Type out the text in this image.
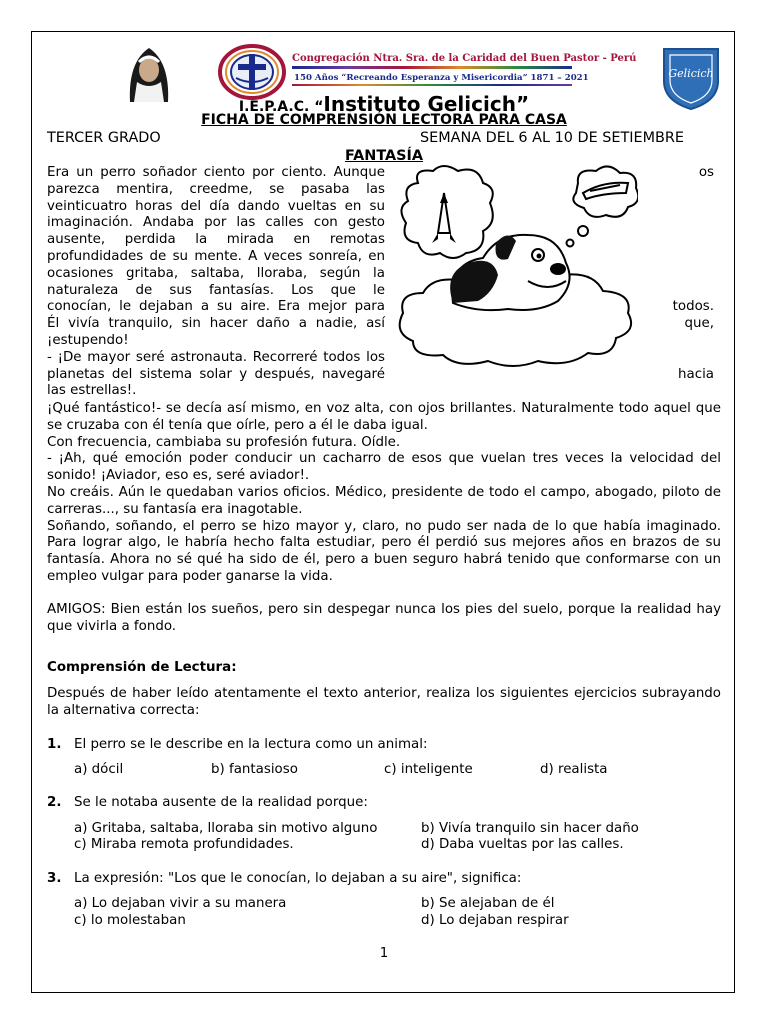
Congregación Ntra. Sra. de la Caridad del Buen Pastor - Perú
150 Años “Recreando Esperanza y Misericordia” 1871 – 2021	Gelicich
I.E.P.A.C. “Instituto Gelicich”
FICHA DE COMPRENSIÓN LECTORA PARA CASA
TERCER GRADO	SEMANA DEL 6 AL 10 DE SETIEMBRE
FANTASÍA
Era un perro soñador ciento por ciento. Aunque
parezca mentira, creedme, se pasaba las
veinticuatro horas del día dando vueltas en su
imaginación. Andaba por las calles con gesto
ausente, perdida la mirada en remotas
profundidades de su mente. A veces sonreía, en
ocasiones gritaba, saltaba, lloraba, según la
naturaleza de sus fantasías. Los que le
conocían, le dejaban a su aire. Era mejor para
Él vivía tranquilo, sin hacer daño a nadie, así
¡estupendo!
- ¡De mayor seré astronauta. Recorreré todos los
planetas del sistema solar y después, navegaré
las estrellas!.
os
todos.
que,
hacia
¡Qué fantástico!- se decía así mismo, en voz alta, con ojos brillantes. Naturalmente todo aquel que se cruzaba con él tenía que oírle, pero a él le daba igual.
Con frecuencia, cambiaba su profesión futura. Oídle.
- ¡Ah, qué emoción poder conducir un cacharro de esos que vuelan tres veces la velocidad del sonido! ¡Aviador, eso es, seré aviador!.
No creáis. Aún le quedaban varios oficios. Médico, presidente de todo el campo, abogado, piloto de carreras..., su fantasía era inagotable.
Soñando, soñando, el perro se hizo mayor y, claro, no pudo ser nada de lo que había imaginado. Para lograr algo, le habría hecho falta estudiar, pero él perdió sus mejores años en brazos de su fantasía. Ahora no sé qué ha sido de él, pero a buen seguro habrá tenido que conformarse con un empleo vulgar para poder ganarse la vida.
AMIGOS: Bien están los sueños, pero sin despegar nunca los pies del suelo, porque la realidad hay que vivirla a fondo.
Comprensión de Lectura:
Después de haber leído atentamente el texto anterior, realiza los siguientes ejercicios subrayando la alternativa correcta:
1. El perro se le describe en la lectura como un animal:
a) dócil	b) fantasioso	c) inteligente	d) realista
2. Se le notaba ausente de la realidad porque:
a) Gritaba, saltaba, lloraba sin motivo alguno	b) Vivía tranquilo sin hacer daño
c) Miraba remota profundidades.	d) Daba vueltas por las calles.
3. La expresión: "Los que le conocían, lo dejaban a su aire", significa:
a) Lo dejaban vivir a su manera	b) Se alejaban de él
c) lo molestaban	d) Lo dejaban respirar
1
